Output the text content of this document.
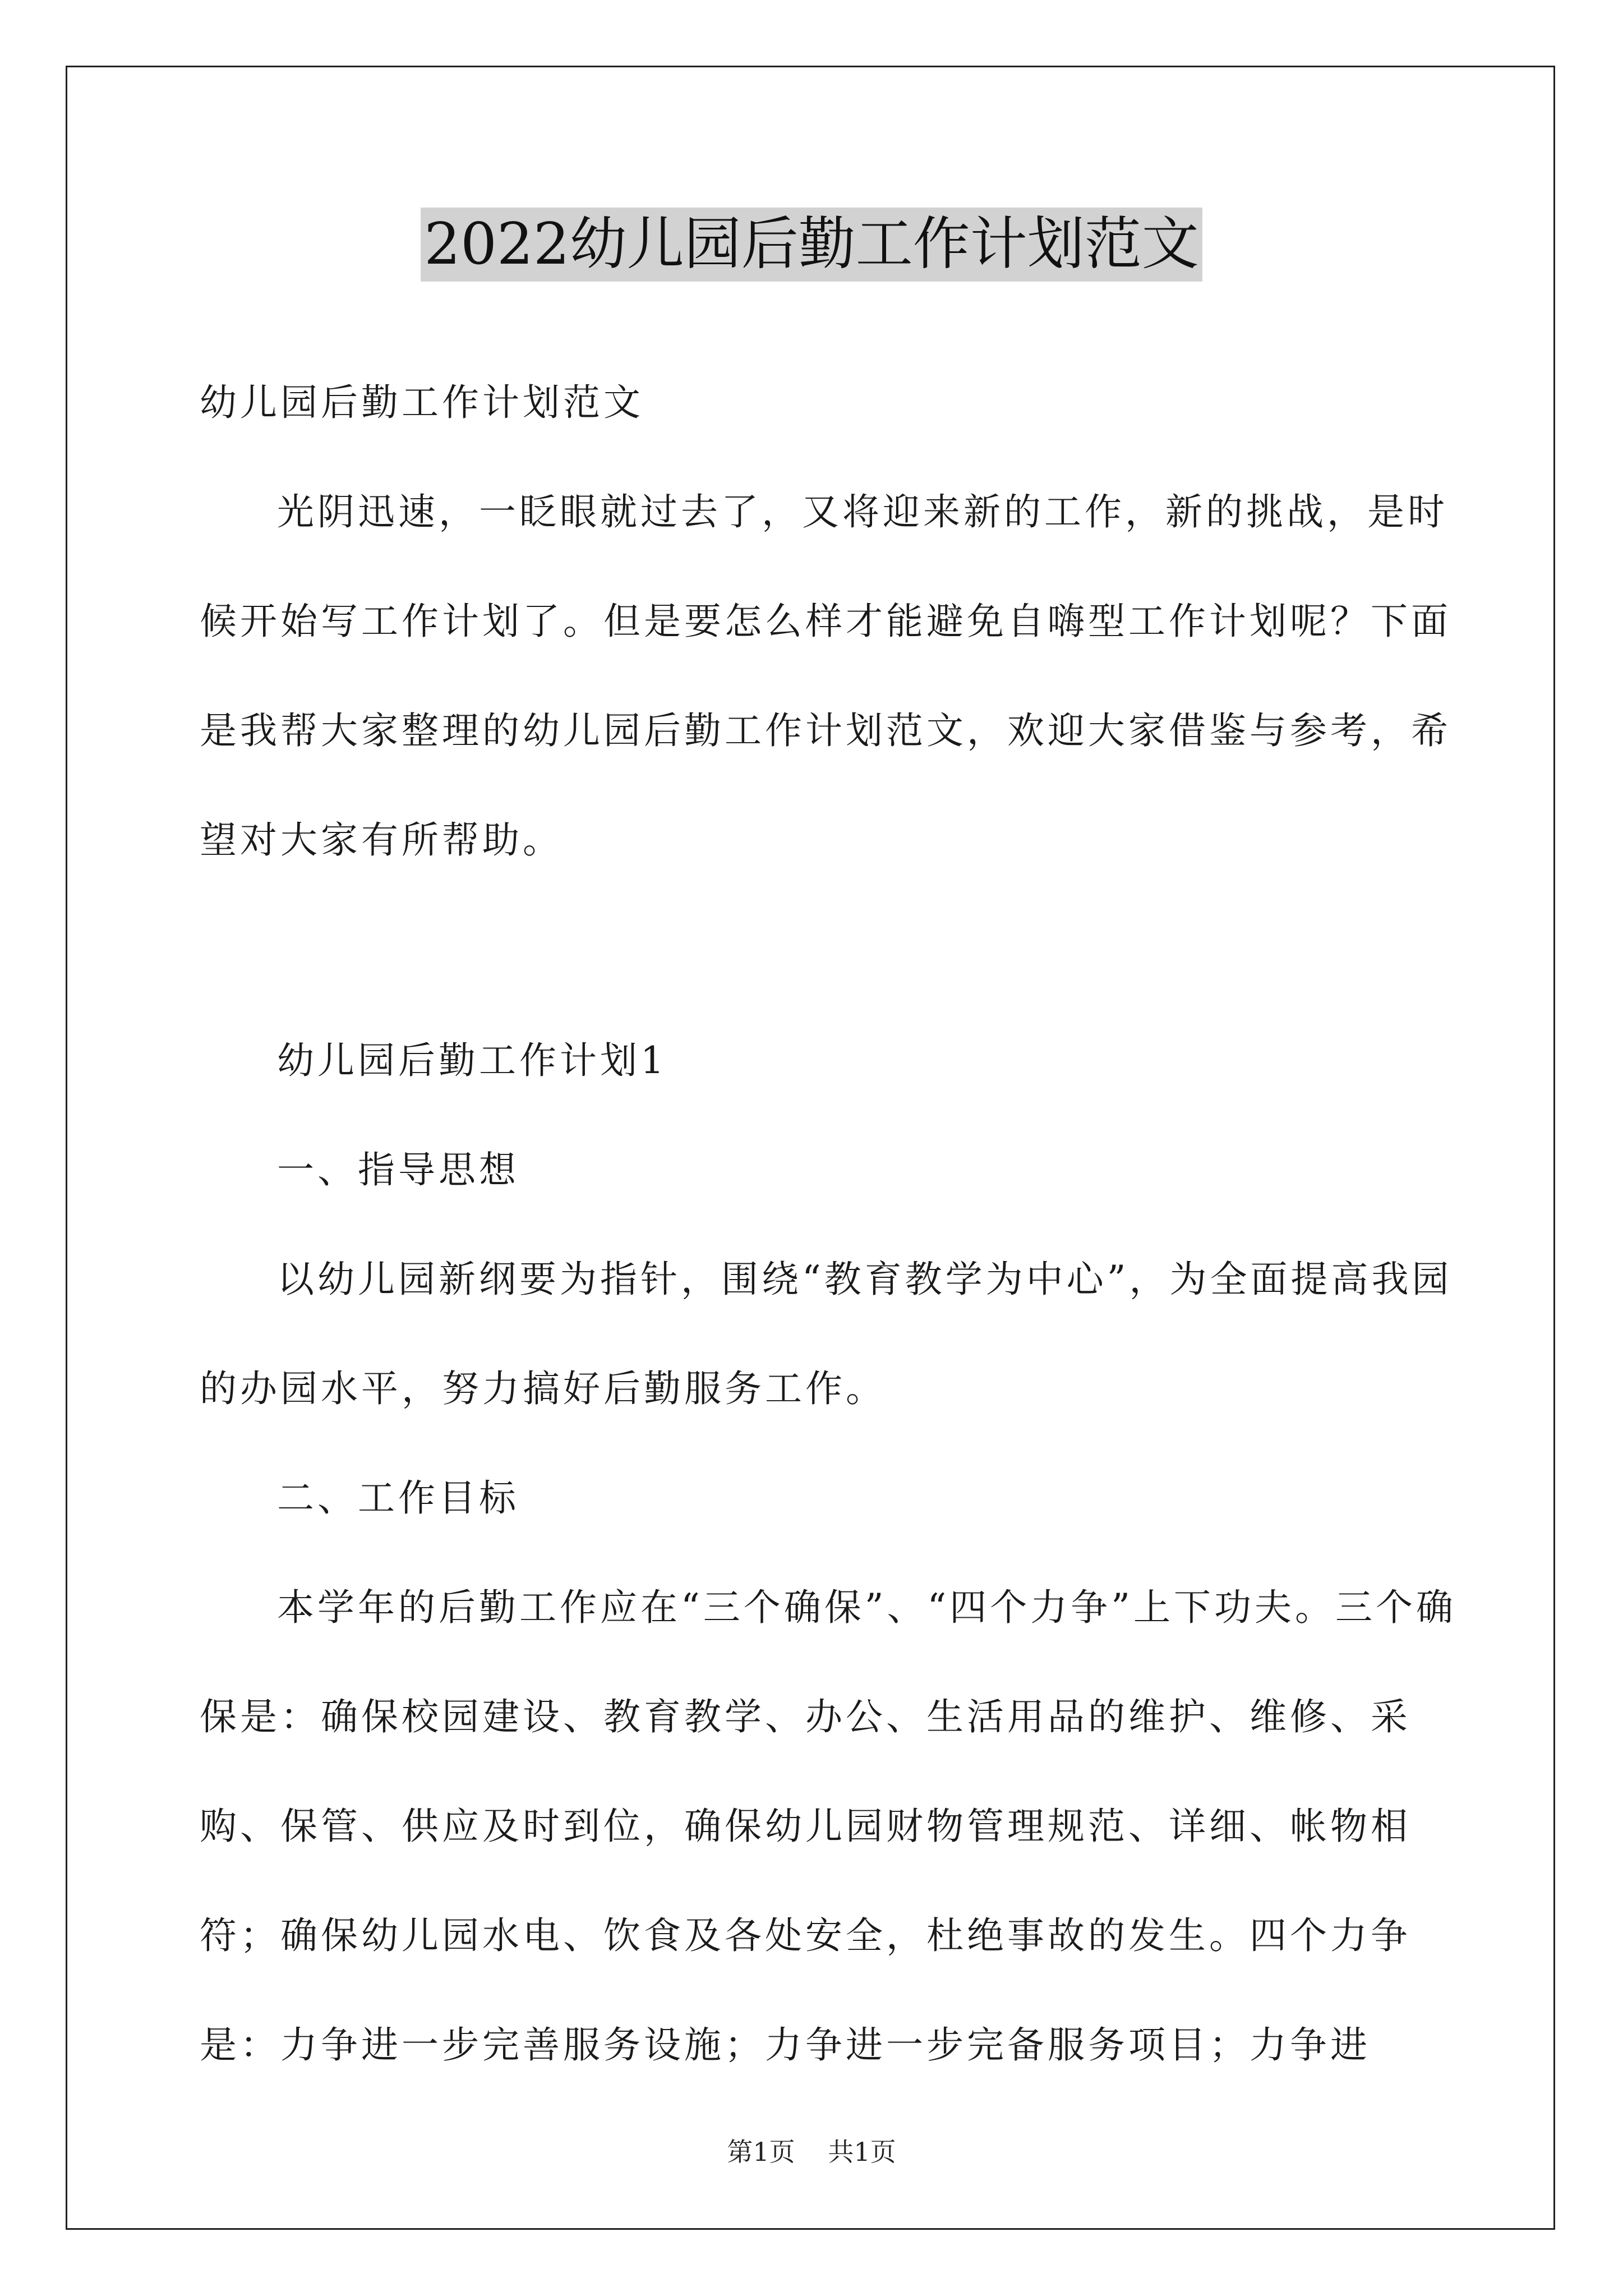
2022幼儿园后勤工作计划范文

幼儿园后勤工作计划范文

光阴迅速，一眨眼就过去了，又将迎来新的工作，新的挑战，是时候开始写工作计划了。但是要怎么样才能避免自嗨型工作计划呢？下面是我帮大家整理的幼儿园后勤工作计划范文，欢迎大家借鉴与参考，希望对大家有所帮助。

幼儿园后勤工作计划1

一、指导思想

以幼儿园新纲要为指针，围绕“教育教学为中心”，为全面提高我园的办园水平，努力搞好后勤服务工作。

二、工作目标

本学年的后勤工作应在“三个确保”、“四个力争”上下功夫。三个确保是：确保校园建设、教育教学、办公、生活用品的维护、维修、采购、保管、供应及时到位，确保幼儿园财物管理规范、详细、帐物相符；确保幼儿园水电、饮食及各处安全，杜绝事故的发生。四个力争是：力争进一步完善服务设施；力争进一步完备服务项目；力争进

第1页 共1页
